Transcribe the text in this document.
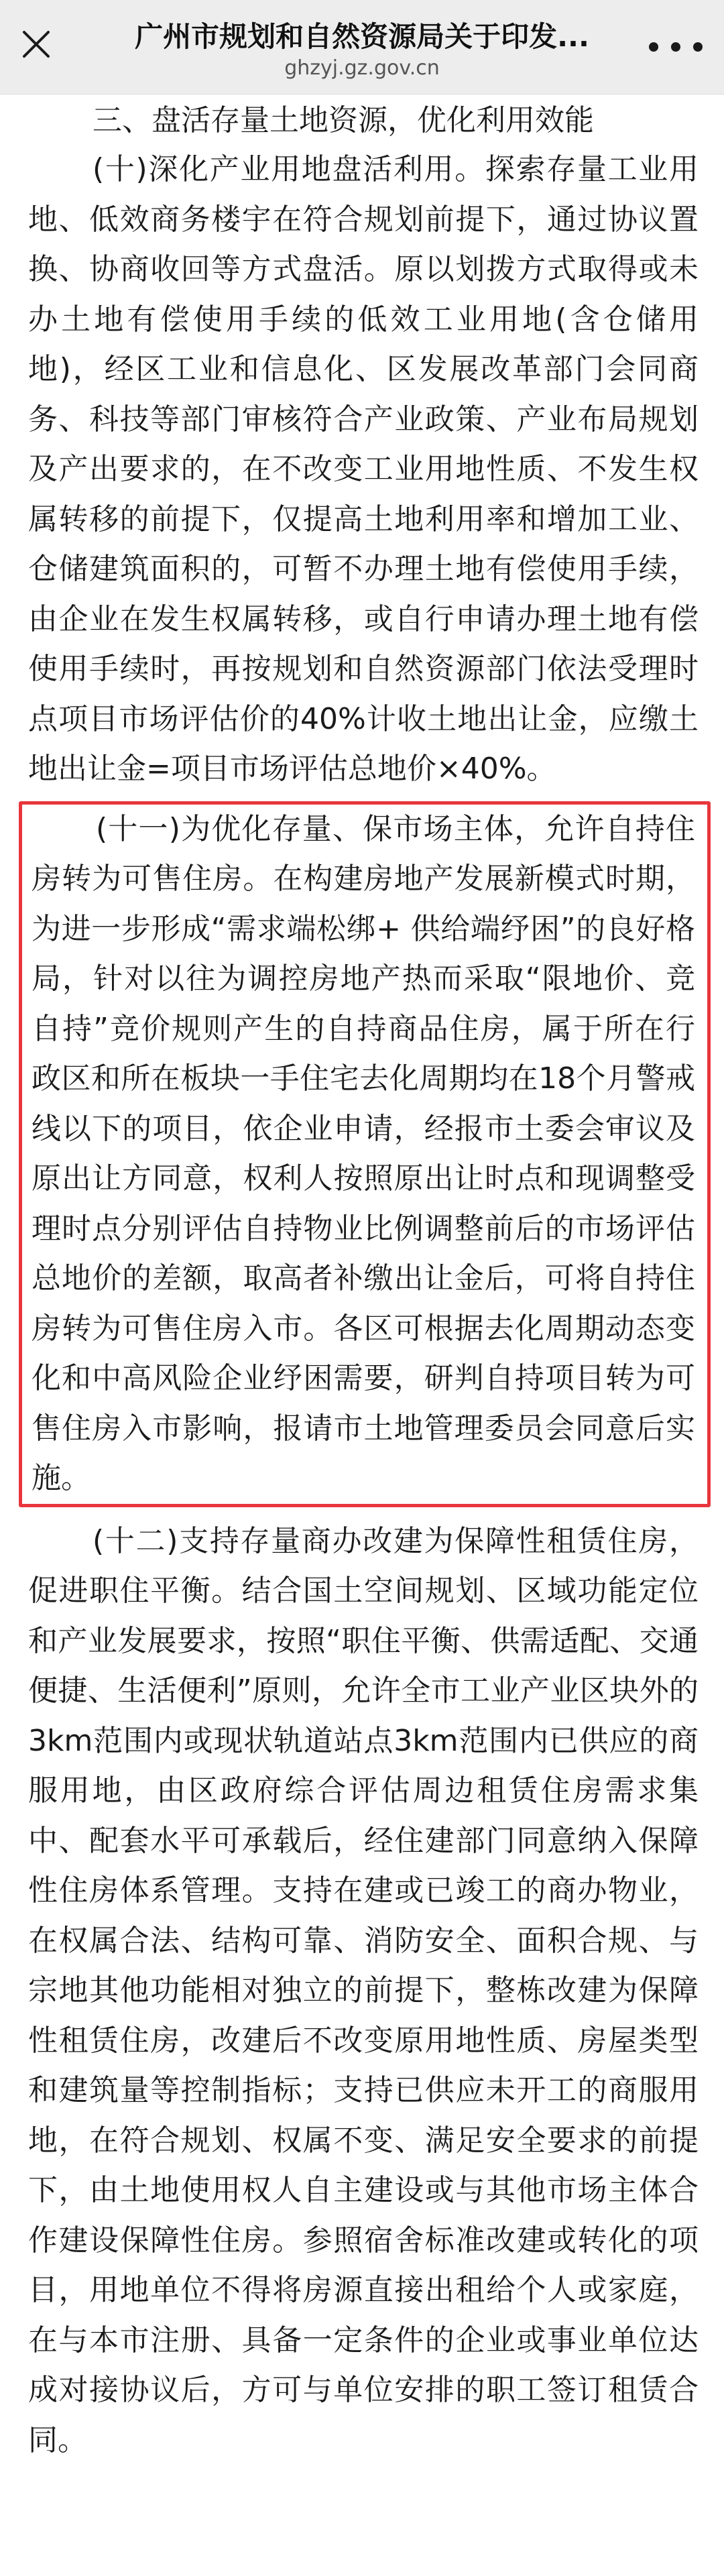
广州市规划和自然资源局关于印发...
ghzyj.gz.gov.cn

三、盘活存量土地资源，优化利用效能

(十)深化产业用地盘活利用。探索存量工业用地、低效商务楼宇在符合规划前提下，通过协议置换、协商收回等方式盘活。原以划拨方式取得或未办土地有偿使用手续的低效工业用地(含仓储用地)，经区工业和信息化、区发展改革部门会同商务、科技等部门审核符合产业政策、产业布局规划及产出要求的，在不改变工业用地性质、不发生权属转移的前提下，仅提高土地利用率和增加工业、仓储建筑面积的，可暂不办理土地有偿使用手续，由企业在发生权属转移，或自行申请办理土地有偿使用手续时，再按规划和自然资源部门依法受理时点项目市场评估价的40%计收土地出让金，应缴土地出让金=项目市场评估总地价×40%。

(十一)为优化存量、保市场主体，允许自持住房转为可售住房。在构建房地产发展新模式时期，为进一步形成“需求端松绑+ 供给端纾困”的良好格局，针对以往为调控房地产热而采取“限地价、竞自持”竞价规则产生的自持商品住房，属于所在行政区和所在板块一手住宅去化周期均在18个月警戒线以下的项目，依企业申请，经报市土委会审议及原出让方同意，权利人按照原出让时点和现调整受理时点分别评估自持物业比例调整前后的市场评估总地价的差额，取高者补缴出让金后，可将自持住房转为可售住房入市。各区可根据去化周期动态变化和中高风险企业纾困需要，研判自持项目转为可售住房入市影响，报请市土地管理委员会同意后实施。

(十二)支持存量商办改建为保障性租赁住房，促进职住平衡。结合国土空间规划、区域功能定位和产业发展要求，按照“职住平衡、供需适配、交通便捷、生活便利”原则，允许全市工业产业区块外的3km范围内或现状轨道站点3km范围内已供应的商服用地，由区政府综合评估周边租赁住房需求集中、配套水平可承载后，经住建部门同意纳入保障性住房体系管理。支持在建或已竣工的商办物业，在权属合法、结构可靠、消防安全、面积合规、与宗地其他功能相对独立的前提下，整栋改建为保障性租赁住房，改建后不改变原用地性质、房屋类型和建筑量等控制指标；支持已供应未开工的商服用地，在符合规划、权属不变、满足安全要求的前提下，由土地使用权人自主建设或与其他市场主体合作建设保障性住房。参照宿舍标准改建或转化的项目，用地单位不得将房源直接出租给个人或家庭，在与本市注册、具备一定条件的企业或事业单位达成对接协议后，方可与单位安排的职工签订租赁合同。
